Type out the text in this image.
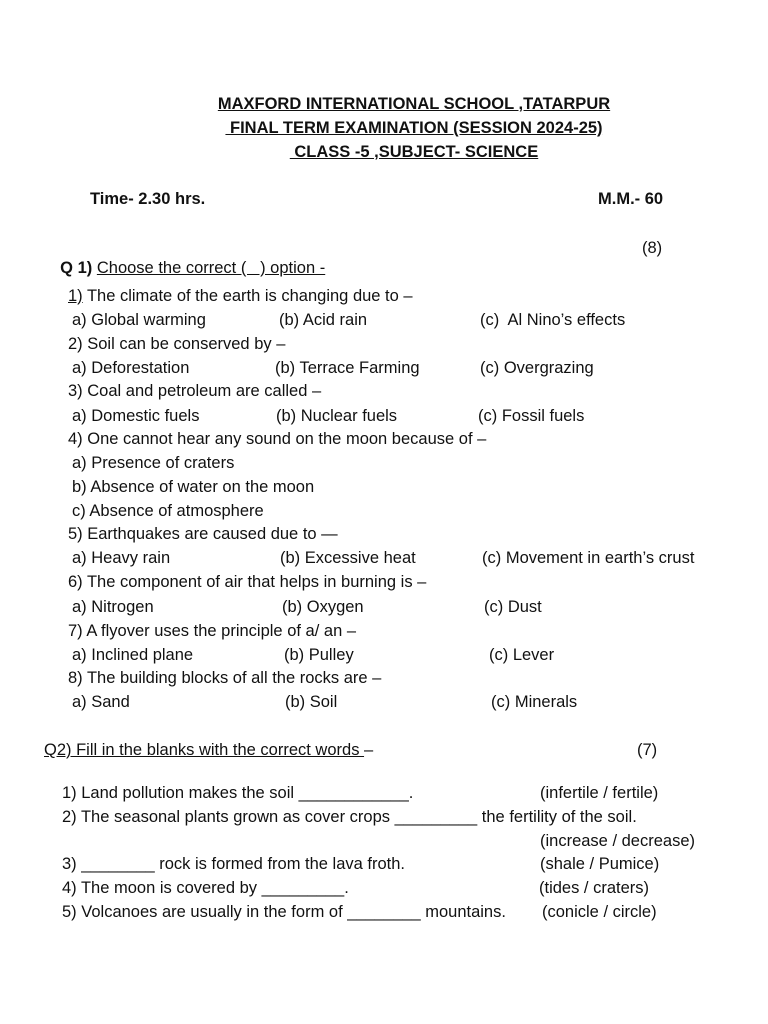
MAXFORD INTERNATIONAL SCHOOL ,TATARPUR
FINAL TERM EXAMINATION (SESSION 2024-25)
CLASS -5 ,SUBJECT- SCIENCE
Time- 2.30 hrs.	M.M.- 60

Q 1) Choose the correct (   ) option -

(8)
1) The climate of the earth is changing due to –
a) Global warming	(b) Acid rain	(c)  Al Nino’s effects
2) Soil can be conserved by –
a) Deforestation	(b) Terrace Farming	(c) Overgrazing
3) Coal and petroleum are called –
a) Domestic fuels	(b) Nuclear fuels	(c) Fossil fuels
4) One cannot hear any sound on the moon because of –
a) Presence of craters
b) Absence of water on the moon
c) Absence of atmosphere
5) Earthquakes are caused due to —
a) Heavy rain	(b) Excessive heat	(c) Movement in earth’s crust
6) The component of air that helps in burning is –
a) Nitrogen	(b) Oxygen	(c) Dust
7) A flyover uses the principle of a/ an –
a) Inclined plane	(b) Pulley	(c) Lever
8) The building blocks of all the rocks are –
a) Sand	(b) Soil	(c) Minerals
Q2) Fill in the blanks with the correct words –	(7)
1) Land pollution makes the soil ____________.	(infertile / fertile)
2) The seasonal plants grown as cover crops _________ the fertility of the soil.
(increase / decrease)
3) ________ rock is formed from the lava froth.	(shale / Pumice)
4) The moon is covered by _________.	(tides / craters)
5) Volcanoes are usually in the form of ________ mountains. (conicle / circle)
